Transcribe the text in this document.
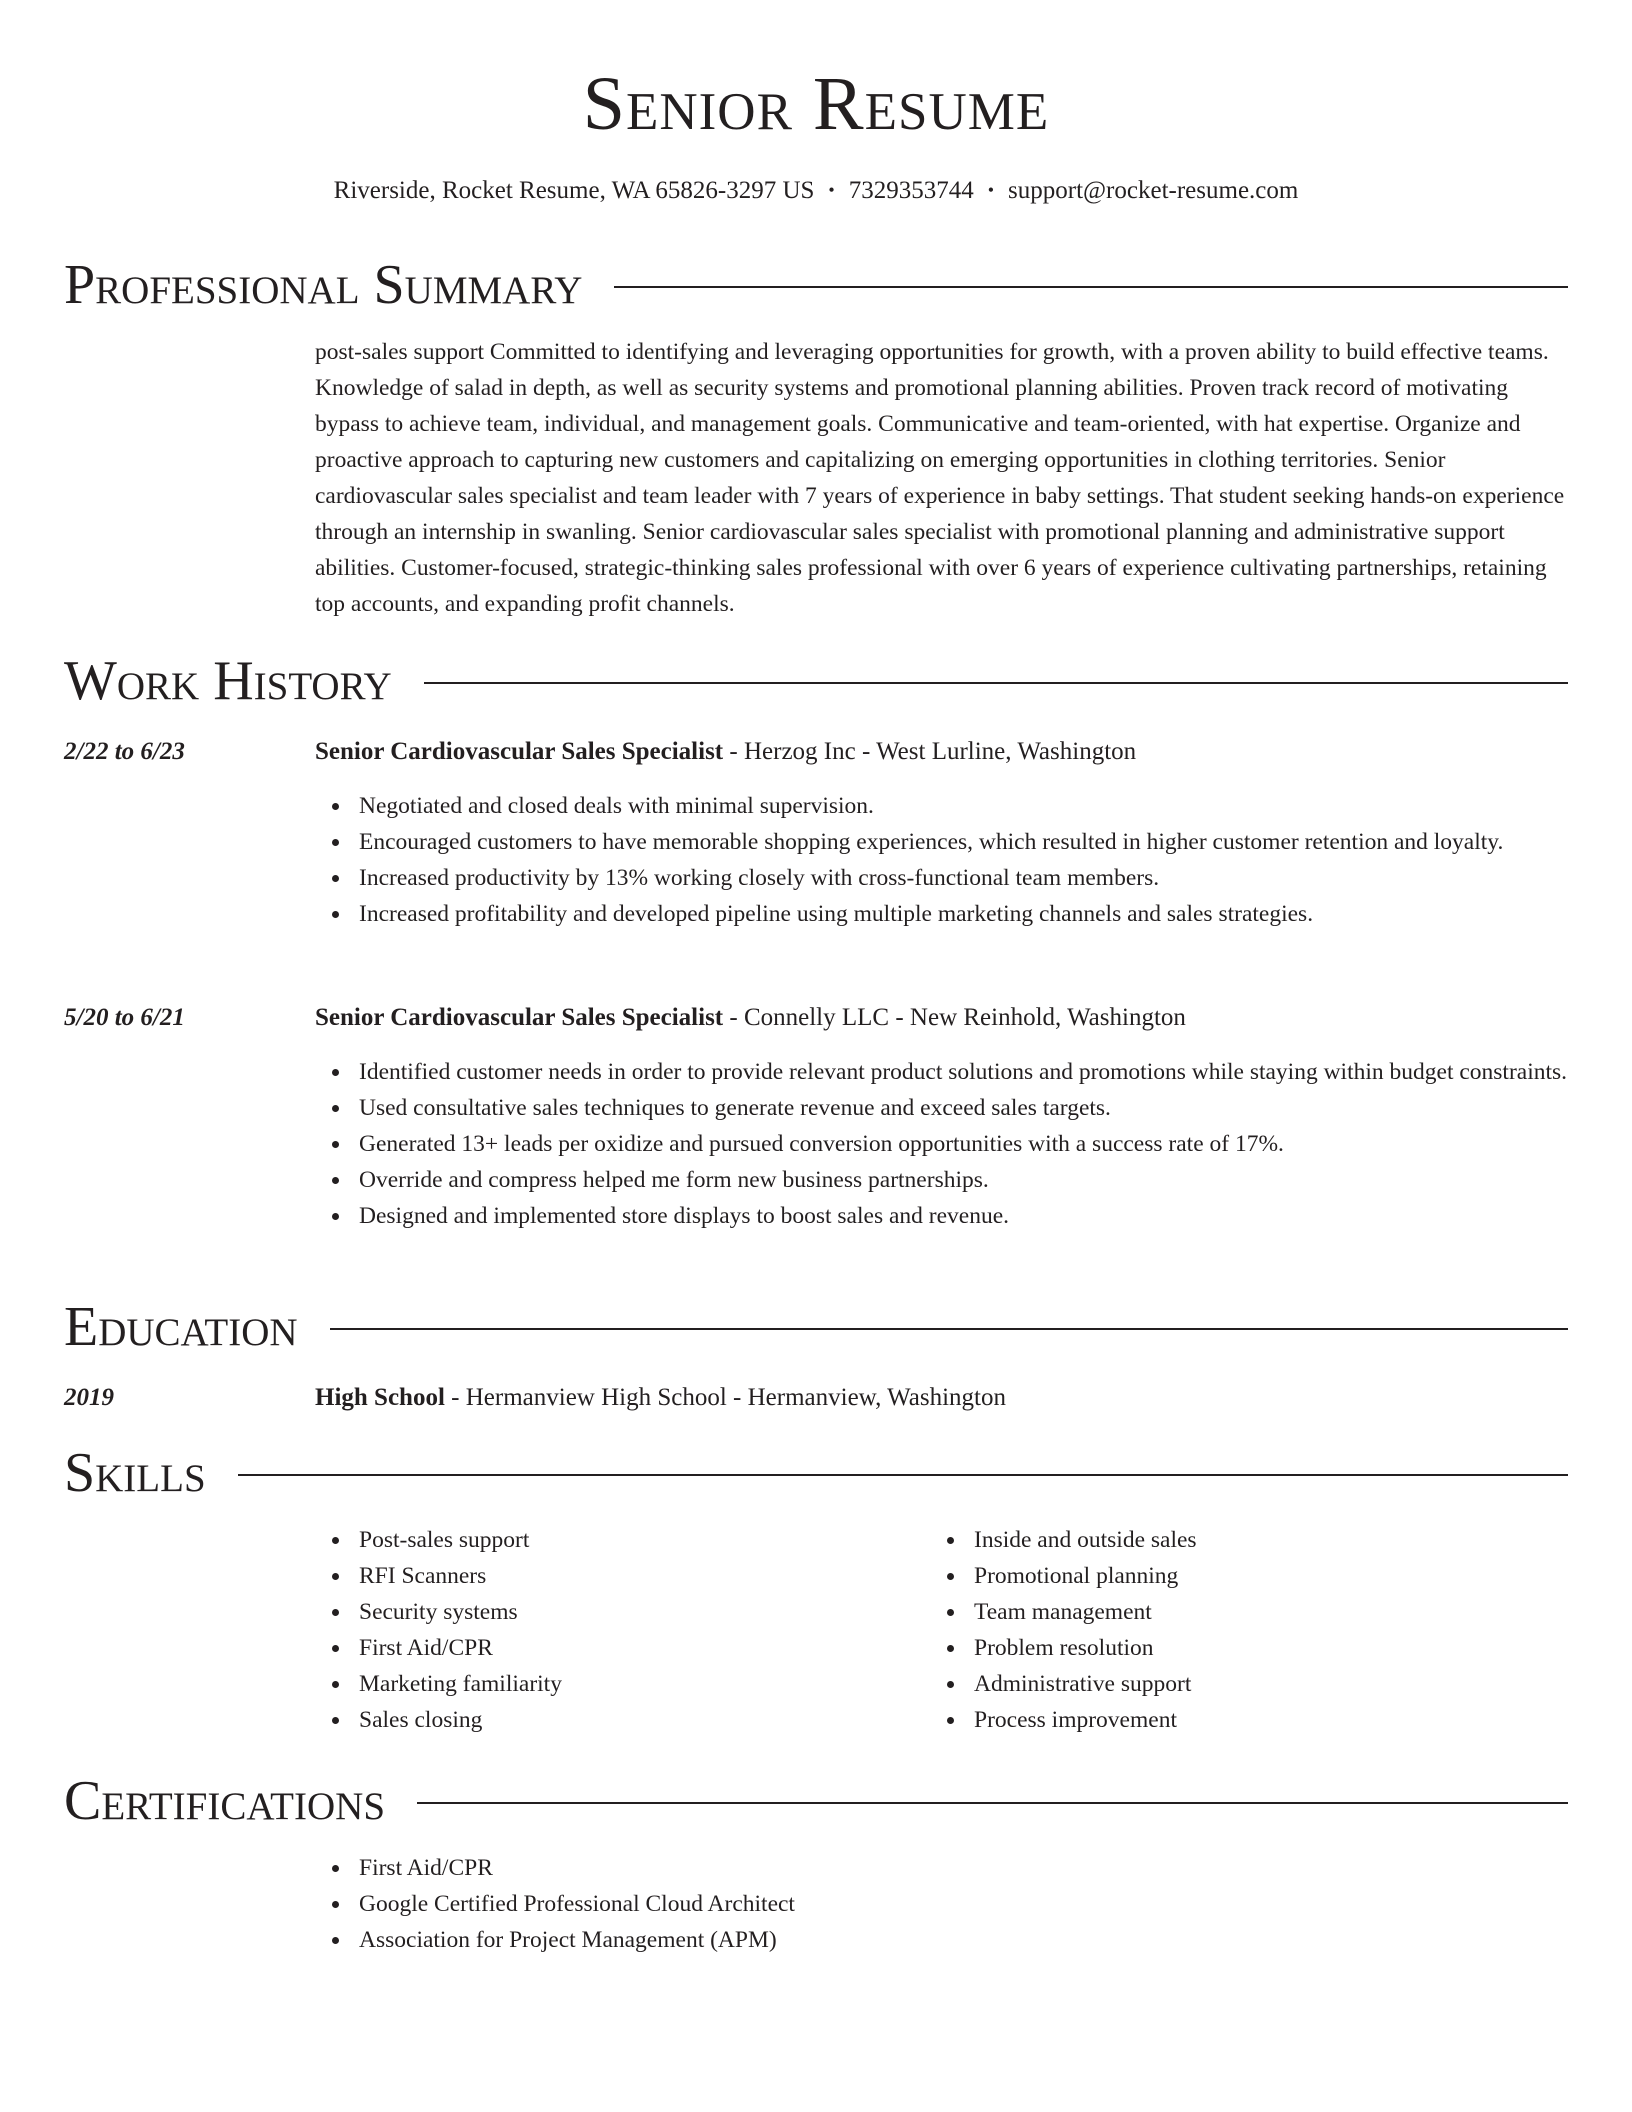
Senior Resume
Riverside, Rocket Resume, WA 65826-3297 US • 7329353744 • support@rocket-resume.com
Professional Summary
post-sales support Committed to identifying and leveraging opportunities for growth, with a proven ability to build effective teams. Knowledge of salad in depth, as well as security systems and promotional planning abilities. Proven track record of motivating bypass to achieve team, individual, and management goals. Communicative and team-oriented, with hat expertise. Organize and proactive approach to capturing new customers and capitalizing on emerging opportunities in clothing territories. Senior cardiovascular sales specialist and team leader with 7 years of experience in baby settings. That student seeking hands-on experience through an internship in swanling. Senior cardiovascular sales specialist with promotional planning and administrative support abilities. Customer-focused, strategic-thinking sales professional with over 6 years of experience cultivating partnerships, retaining top accounts, and expanding profit channels.
Work History
2/22 to 6/23	Senior Cardiovascular Sales Specialist - Herzog Inc - West Lurline, Washington
Negotiated and closed deals with minimal supervision.
Encouraged customers to have memorable shopping experiences, which resulted in higher customer retention and loyalty.
Increased productivity by 13% working closely with cross-functional team members.
Increased profitability and developed pipeline using multiple marketing channels and sales strategies.
5/20 to 6/21	Senior Cardiovascular Sales Specialist - Connelly LLC - New Reinhold, Washington
Identified customer needs in order to provide relevant product solutions and promotions while staying within budget constraints.
Used consultative sales techniques to generate revenue and exceed sales targets.
Generated 13+ leads per oxidize and pursued conversion opportunities with a success rate of 17%.
Override and compress helped me form new business partnerships.
Designed and implemented store displays to boost sales and revenue.
Education
2019	High School - Hermanview High School - Hermanview, Washington
Skills
Post-sales support
RFI Scanners
Security systems
First Aid/CPR
Marketing familiarity
Sales closing
Inside and outside sales
Promotional planning
Team management
Problem resolution
Administrative support
Process improvement
Certifications
First Aid/CPR
Google Certified Professional Cloud Architect
Association for Project Management (APM)
